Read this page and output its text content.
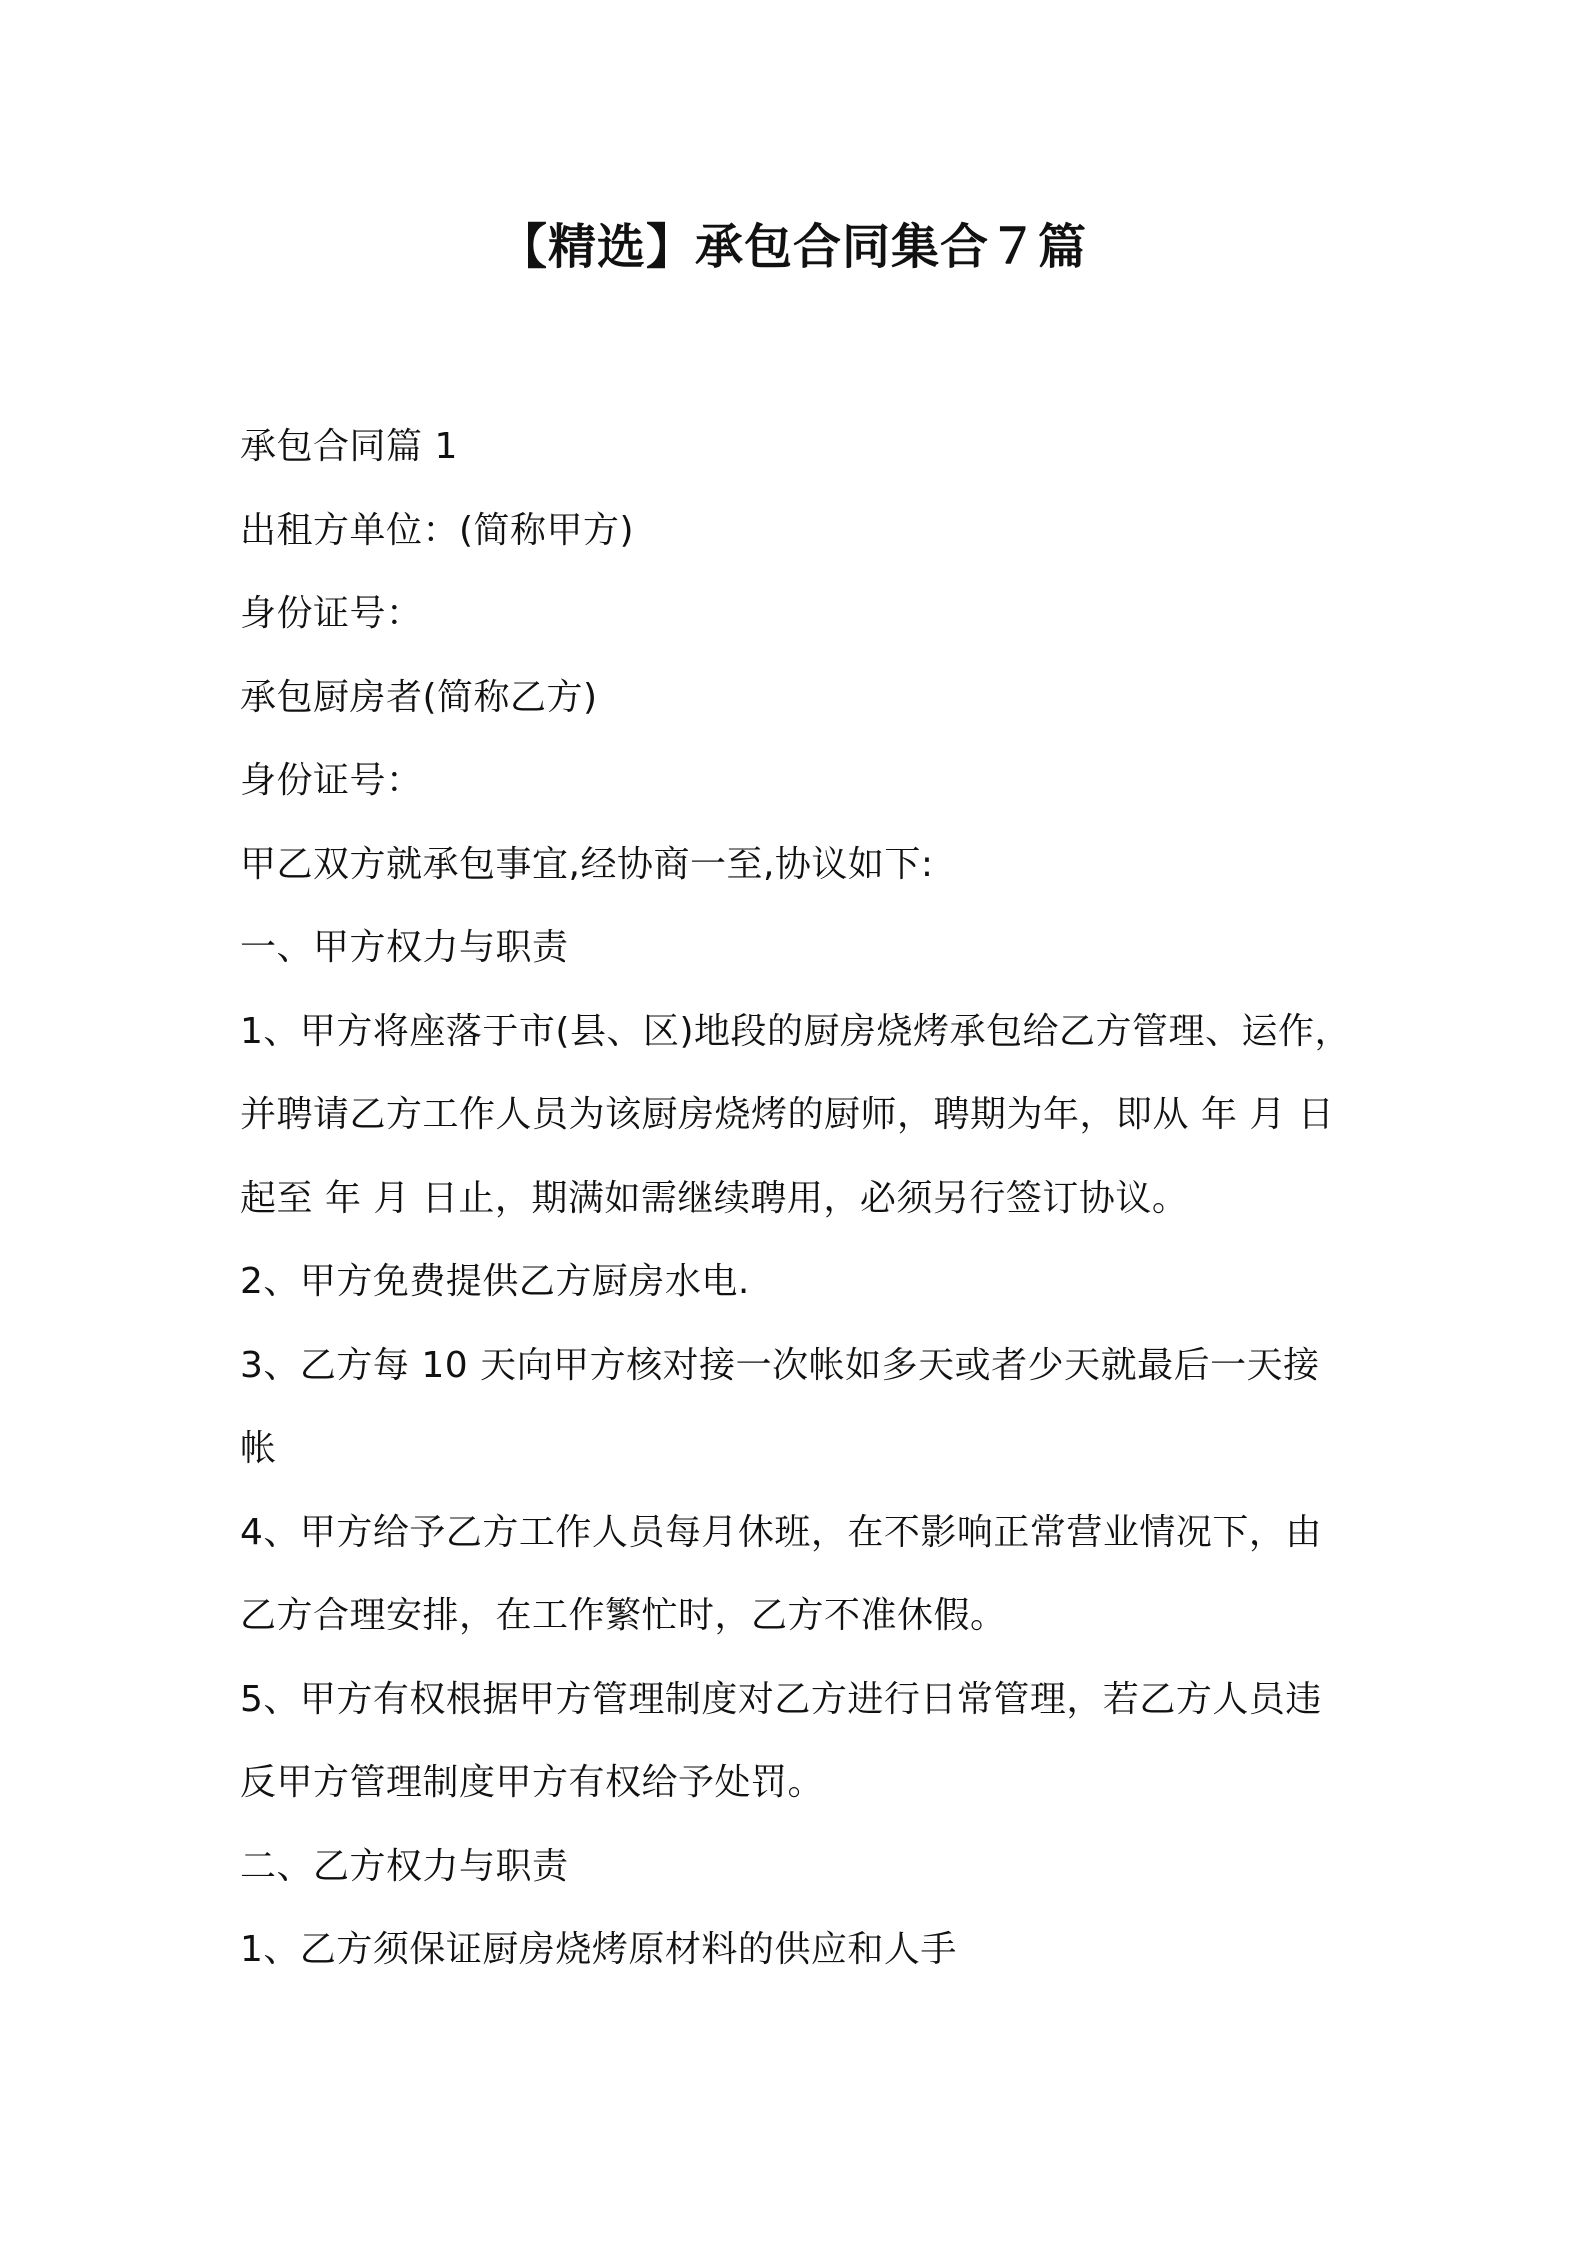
【精选】承包合同集合７篇

承包合同篇 1

出租方单位：(简称甲方)

身份证号：

承包厨房者(简称乙方)

身份证号：

甲乙双方就承包事宜,经协商一至,协议如下:

一、甲方权力与职责

1、甲方将座落于市(县、区)地段的厨房烧烤承包给乙方管理、运作，

并聘请乙方工作人员为该厨房烧烤的厨师，聘期为年，即从 年 月 日

起至 年 月 日止，期满如需继续聘用，必须另行签订协议。

2、甲方免费提供乙方厨房水电.

3、乙方每 10 天向甲方核对接一次帐如多天或者少天就最后一天接

帐

4、甲方给予乙方工作人员每月休班，在不影响正常营业情况下，由

乙方合理安排，在工作繁忙时，乙方不准休假。

5、甲方有权根据甲方管理制度对乙方进行日常管理，若乙方人员违

反甲方管理制度甲方有权给予处罚。

二、乙方权力与职责

1、乙方须保证厨房烧烤原材料的供应和人手
